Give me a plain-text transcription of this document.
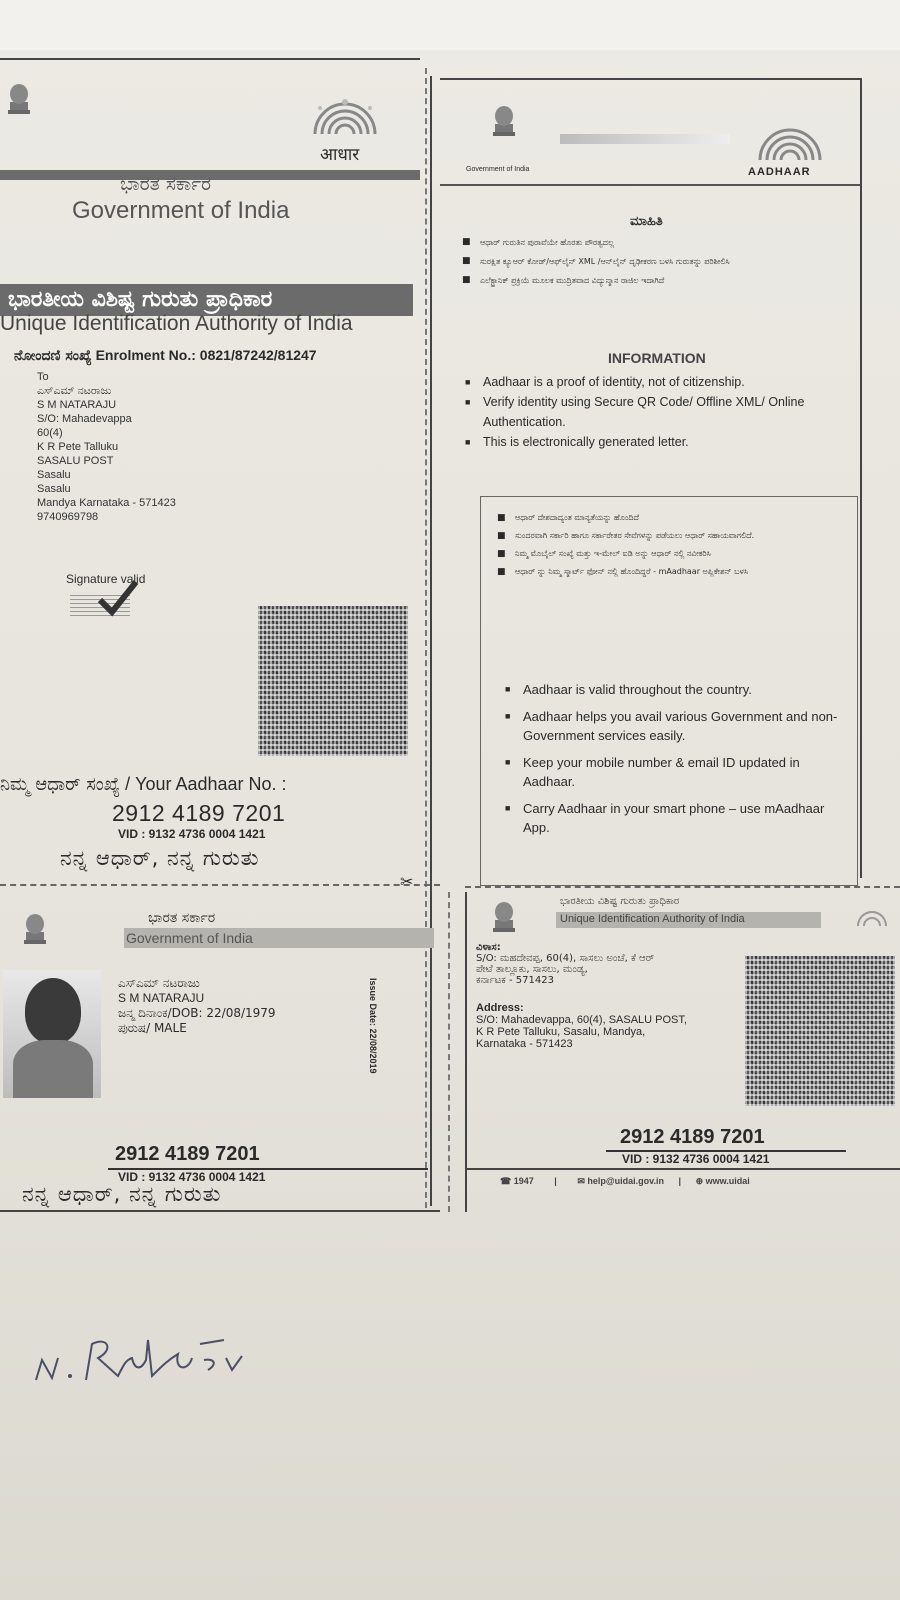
आधार
ಭಾರತ ಸರ್ಕಾರ
Government of India
ಭಾರತೀಯ ವಿಶಿಷ್ಟ ಗುರುತು ಪ್ರಾಧಿಕಾರ
Unique Identification Authority of India
ನೋಂದಣಿ ಸಂಖ್ಯೆ Enrolment No.: 0821/87242/81247
To
ಎಸ್‌ಎಮ್ ನಟರಾಜು
S M NATARAJU
S/O: Mahadevappa
60(4)
K R Pete Talluku
SASALU POST
Sasalu
Sasalu
Mandya Karnataka - 571423
9740969798
Signature valid
ನಿಮ್ಮ ಆಧಾರ್ ಸಂಖ್ಯೆ / Your Aadhaar No. :
2912 4189 7201
VID : 9132 4736 0004 1421
ನನ್ನ ಆಧಾರ್, ನನ್ನ ಗುರುತು
Government of India	AADHAAR
ಮಾಹಿತಿ
■ ಆಧಾರ್ ಗುರುತಿನ ಪುರಾವೆಯೇ ಹೊರತು ಪೌರತ್ವದಲ್ಲ
■ ಸುರಕ್ಷಿತ ಕ್ಯೂಆರ್ ಕೋಡ್/ಆಫ್‌ಲೈನ್ XML /ಆನ್‌ಲೈನ್ ದೃಢೀಕರಣ ಬಳಸಿ ಗುರುತನ್ನು ಪರಿಶೀಲಿಸಿ
■ ಎಲೆಕ್ಟ್ರಾನಿಕ್ ಪ್ರಕ್ರಿಯೆ ಮೂಲಕ ಮುದ್ರಿತವಾದ ವಿದ್ಯುನ್ಮಾನ ರಾಜಿಲ ಇದಾಗಿದೆ
INFORMATION
■ Aadhaar is a proof of identity, not of citizenship.
■ Verify identity using Secure QR Code/ Offline XML/ Online Authentication.
■ This is electronically generated letter.
■ ಆಧಾರ್ ದೇಶದಾದ್ಯಂತ ಮಾನ್ಯತೆಯನ್ನು ಹೊಂದಿದೆ
■ ಸುಂದರವಾಗಿ ಸರ್ಕಾರಿ ಹಾಗೂ ಸರ್ಕಾರೇತರ ಸೇವೆಗಳನ್ನು ಪಡೆಯಲು ಆಧಾರ್ ಸಹಾಯವಾಗಲಿದೆ.
■ ನಿಮ್ಮ ಮೊಬೈಲ್ ಸಂಖ್ಯೆ ಮತ್ತು ಇ-ಮೇಲ್ ಐಡಿ ಅನ್ನು ಆಧಾರ್ ನಲ್ಲಿ ನವೀಕರಿಸಿ
■ ಆಧಾರ್ ನ್ನು ನಿಮ್ಮ ಸ್ಮಾರ್ಟ್ ಫೋನ್ ನಲ್ಲಿ ಹೊಂದಿದ್ದರೆ - mAadhaar ಅಪ್ಲಿಕೇಶನ್ ಬಳಸಿ
■ Aadhaar is valid throughout the country.
■ Aadhaar helps you avail various Government and non-Government services easily.
■ Keep your mobile number & email ID updated in Aadhaar.
■ Carry Aadhaar in your smart phone – use mAadhaar App.
✂
ಭಾರತ ಸರ್ಕಾರ
Government of India
ಎಸ್‌ಎಮ್ ನಟರಾಜು
S M NATARAJU
ಜನ್ಮ ದಿನಾಂಕ/DOB: 22/08/1979
ಪುರುಷ/ MALE	Issue Date: 22/08/2019
2912 4189 7201
VID : 9132 4736 0004 1421
ನನ್ನ ಆಧಾರ್, ನನ್ನ ಗುರುತು
ಭಾರತೀಯ ವಿಶಿಷ್ಟ ಗುರುತು ಪ್ರಾಧಿಕಾರ
Unique Identification Authority of India
ವಿಳಾಸ:
S/O: ಮಹದೇವಪ್ಪ, 60(4), ಸಾಸಲು ಅಂಚೆ, ಕೆ ಆರ್
ಪೇಟೆ ತಾಲ್ಲೂಕು, ಸಾಸಲು, ಮಂಡ್ಯ,
ಕರ್ನಾಟಕ - 571423
Address:
S/O: Mahadevappa, 60(4), SASALU POST,
K R Pete Talluku, Sasalu, Mandya,
Karnataka - 571423
2912 4189 7201
VID : 9132 4736 0004 1421
☎ 1947 | ✉ help@uidai.gov.in | ⊕ www.uidai
